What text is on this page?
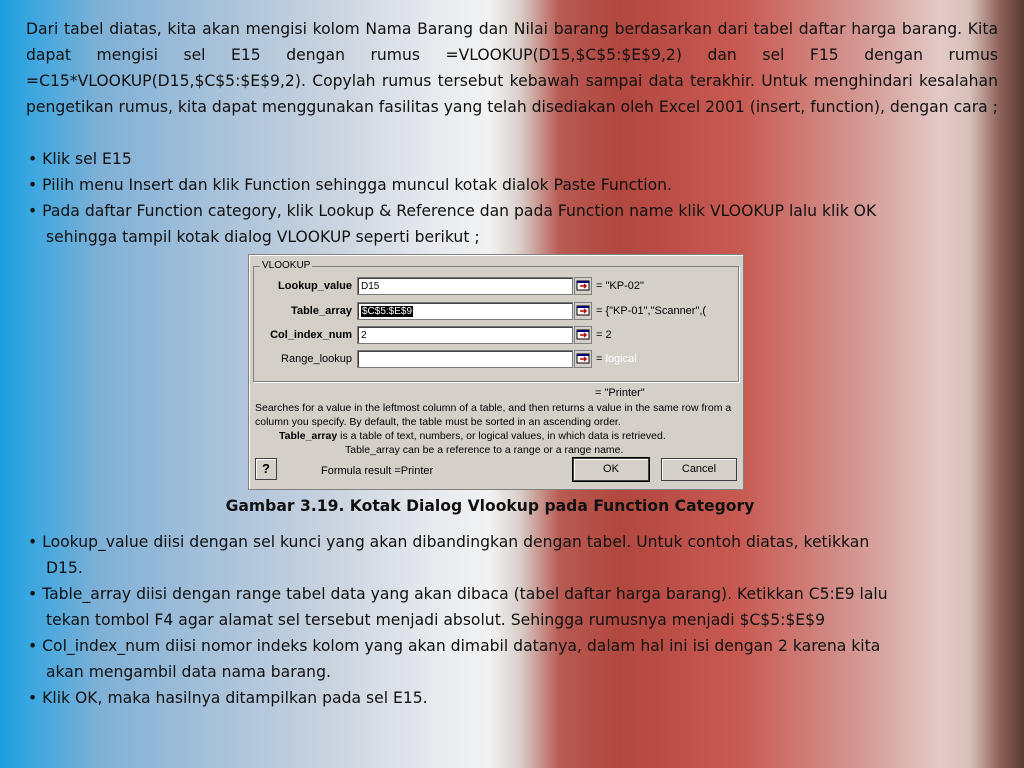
Dari tabel diatas, kita akan mengisi kolom Nama Barang dan Nilai barang berdasarkan dari tabel daftar harga barang. Kita dapat mengisi sel E15 dengan rumus =VLOOKUP(D15,$C$5:$E$9,2) dan sel F15 dengan rumus =C15*VLOOKUP(D15,$C$5:$E$9,2). Copylah rumus tersebut kebawah sampai data terakhir. Untuk menghindari kesalahan pengetikan rumus, kita dapat menggunakan fasilitas yang telah disediakan oleh Excel 2001 (insert, function), dengan cara ;

• Klik sel E15
• Pilih menu Insert dan klik Function sehingga muncul kotak dialok Paste Function.
• Pada daftar Function category, klik Lookup & Reference dan pada Function name klik VLOOKUP lalu klik OK
sehingga tampil kotak dialog VLOOKUP seperti berikut ;
VLOOKUP
Lookup_value D15	= "KP-02"
Table_array	$C$5:$E$9	= {"KP-01","Scanner",(
Col_index_num 2	= 2
Range_lookup	= logical
= "Printer"
Searches for a value in the leftmost column of a table, and then returns a value in the same row from a column you specify. By default, the table must be sorted in an ascending order.
Table_array is a table of text, numbers, or logical values, in which data is retrieved.
Table_array can be a reference to a range or a range name.
?	Formula result =Printer	OK	Cancel
Gambar 3.19. Kotak Dialog Vlookup pada Function Category
• Lookup_value diisi dengan sel kunci yang akan dibandingkan dengan tabel. Untuk contoh diatas, ketikkan
D15.
• Table_array diisi dengan range tabel data yang akan dibaca (tabel daftar harga barang). Ketikkan C5:E9 lalu
tekan tombol F4 agar alamat sel tersebut menjadi absolut. Sehingga rumusnya menjadi $C$5:$E$9
• Col_index_num diisi nomor indeks kolom yang akan dimabil datanya, dalam hal ini isi dengan 2 karena kita
akan mengambil data nama barang.
• Klik OK, maka hasilnya ditampilkan pada sel E15.
